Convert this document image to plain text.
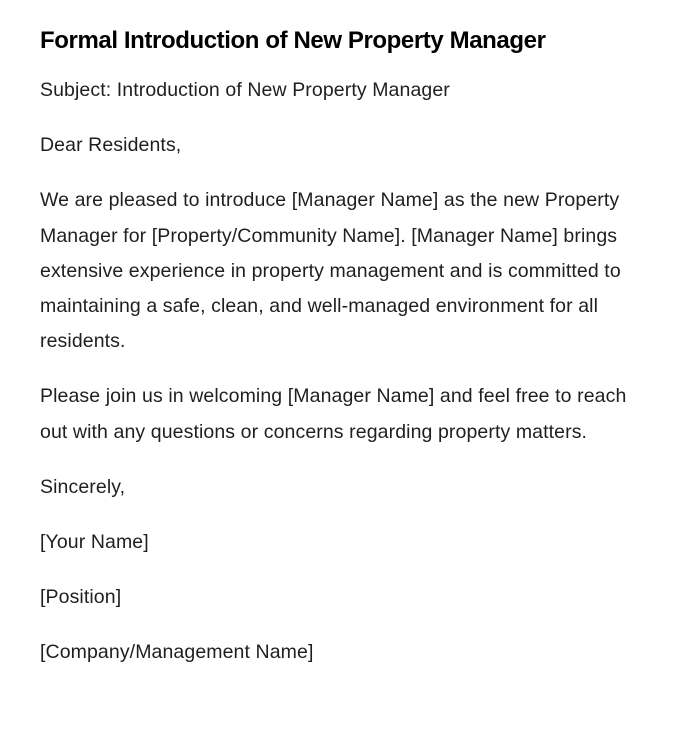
Formal Introduction of New Property Manager

Subject: Introduction of New Property Manager

Dear Residents,

We are pleased to introduce [Manager Name] as the new Property Manager for [Property/Community Name]. [Manager Name] brings extensive experience in property management and is committed to maintaining a safe, clean, and well-managed environment for all residents.

Please join us in welcoming [Manager Name] and feel free to reach out with any questions or concerns regarding property matters.

Sincerely,

[Your Name]

[Position]

[Company/Management Name]
